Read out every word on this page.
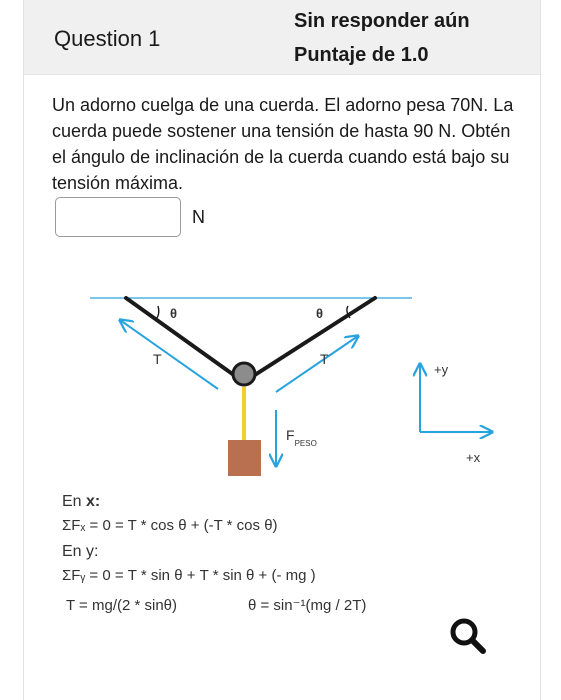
Question 1
Sin responder aún
Puntaje de 1.0
Un adorno cuelga de una cuerda. El adorno pesa 70N. La cuerda puede sostener una tensión de hasta 90 N. Obtén el ángulo de inclinación de la cuerda cuando está bajo su tensión máxima.
N
θ	θ
T	T
$F_{PESO}$
+y
+x
En x:
ΣFₓ = 0 = T * cos θ + (-T * cos θ)
En y:
ΣFᵧ = 0 = T * sin θ + T * sin θ + (- mg )
T = mg/(2 * sinθ)	θ = sin⁻¹(mg / 2T)
